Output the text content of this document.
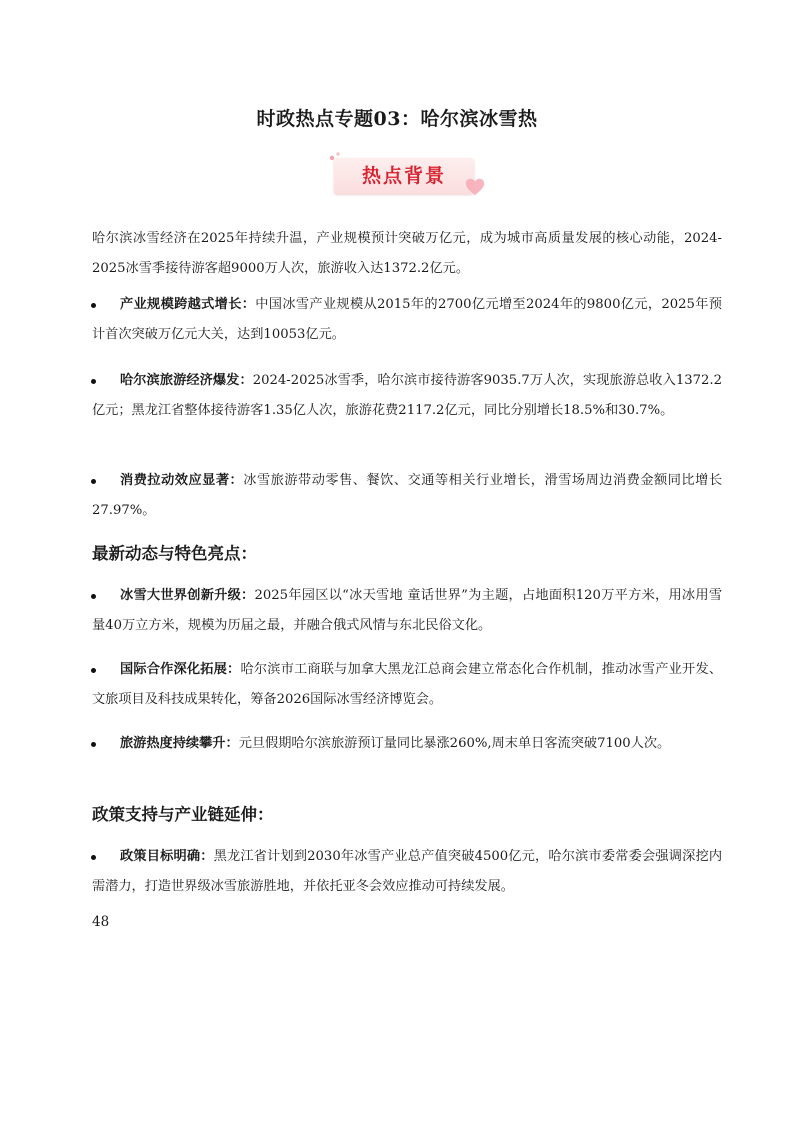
时政热点专题03：哈尔滨冰雪热
热点背景
哈尔滨冰雪经济在2025年持续升温，产业规模预计突破万亿元，成为城市高质量发展的核心动能，2024-2025冰雪季接待游客超9000万人次，旅游收入达1372.2亿元。
产业规模跨越式增长：中国冰雪产业规模从2015年的2700亿元增至2024年的9800亿元，2025年预计首次突破万亿元大关，达到10053亿元。
哈尔滨旅游经济爆发：2024-2025冰雪季，哈尔滨市接待游客9035.7万人次，实现旅游总收入1372.2亿元；黑龙江省整体接待游客1.35亿人次，旅游花费2117.2亿元，同比分别增长18.5%和30.7%。
消费拉动效应显著：冰雪旅游带动零售、餐饮、交通等相关行业增长，滑雪场周边消费金额同比增长27.97%。
最新动态与特色亮点：
冰雪大世界创新升级：2025年园区以“冰天雪地 童话世界”为主题，占地面积120万平方米，用冰用雪量40万立方米，规模为历届之最，并融合俄式风情与东北民俗文化。
国际合作深化拓展：哈尔滨市工商联与加拿大黑龙江总商会建立常态化合作机制，推动冰雪产业开发、文旅项目及科技成果转化，筹备2026国际冰雪经济博览会。
旅游热度持续攀升：元旦假期哈尔滨旅游预订量同比暴涨260%,周末单日客流突破7100人次。
政策支持与产业链延伸：
政策目标明确：黑龙江省计划到2030年冰雪产业总产值突破4500亿元，哈尔滨市委常委会强调深挖内需潜力，打造世界级冰雪旅游胜地，并依托亚冬会效应推动可持续发展。
48
